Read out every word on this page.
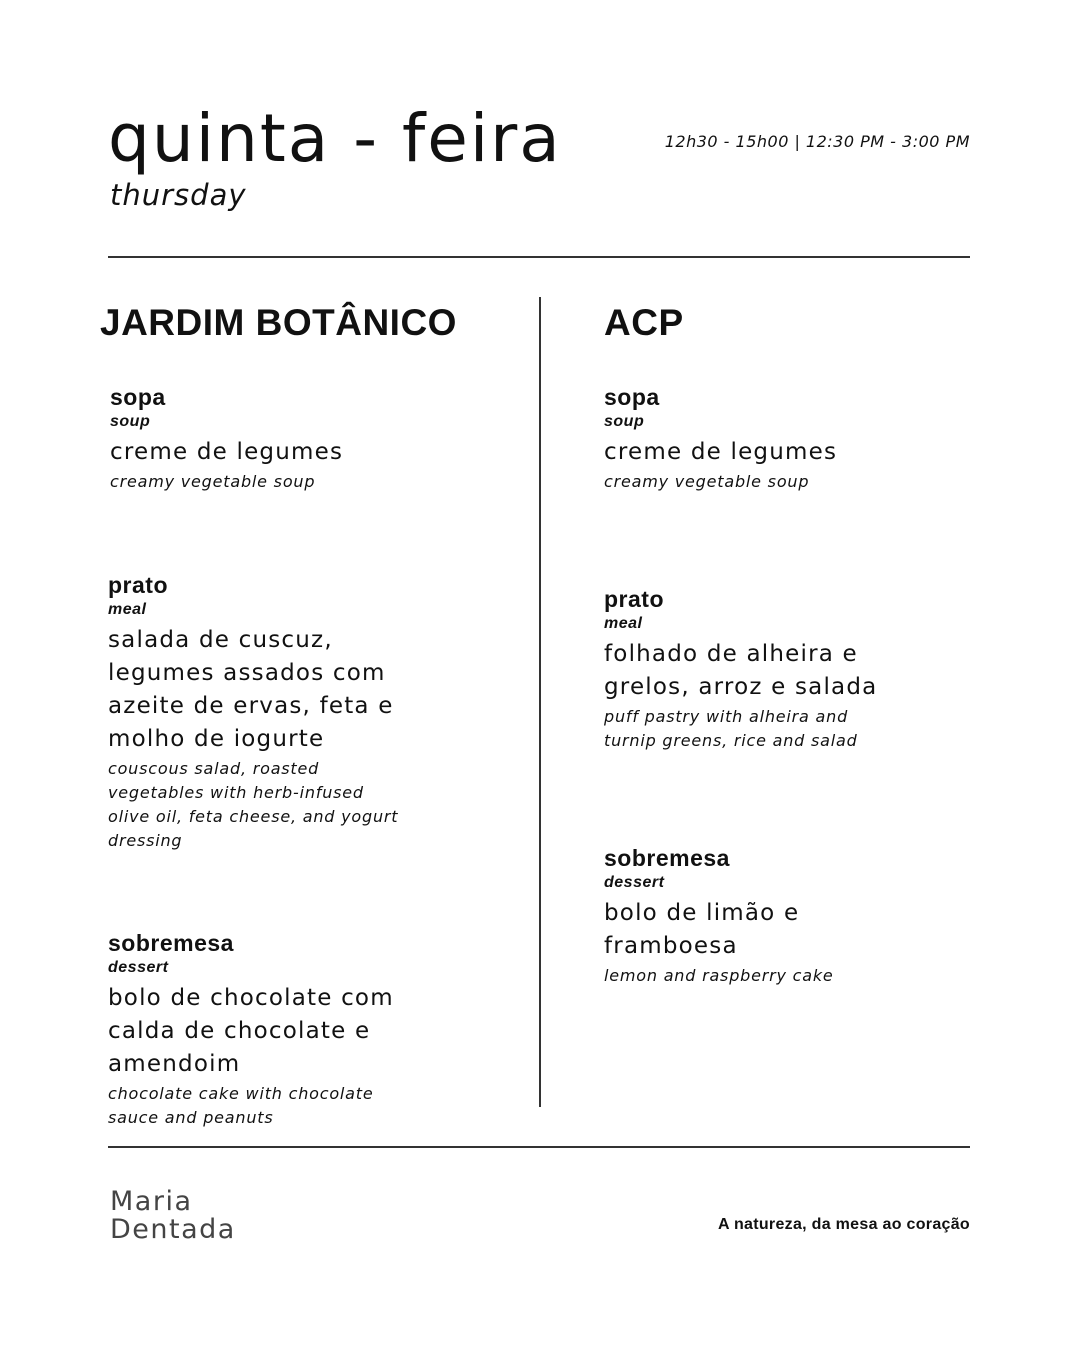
quinta - feira
thursday
12h30 - 15h00 | 12:30 PM - 3:00 PM
JARDIM BOTÂNICO
sopa
soup
creme de legumes
creamy vegetable soup
prato
meal
salada de cuscuz, legumes assados com azeite de ervas, feta e molho de iogurte
couscous salad, roasted vegetables with herb-infused olive oil, feta cheese, and yogurt dressing
sobremesa
dessert
bolo de chocolate com calda de chocolate e amendoim
chocolate cake with chocolate sauce and peanuts
ACP
sopa
soup
creme de legumes
creamy vegetable soup
prato
meal
folhado de alheira e grelos, arroz e salada
puff pastry with alheira and turnip greens, rice and salad
sobremesa
dessert
bolo de limão e framboesa
lemon and raspberry cake
Maria
Dentada	A natureza, da mesa ao coração
